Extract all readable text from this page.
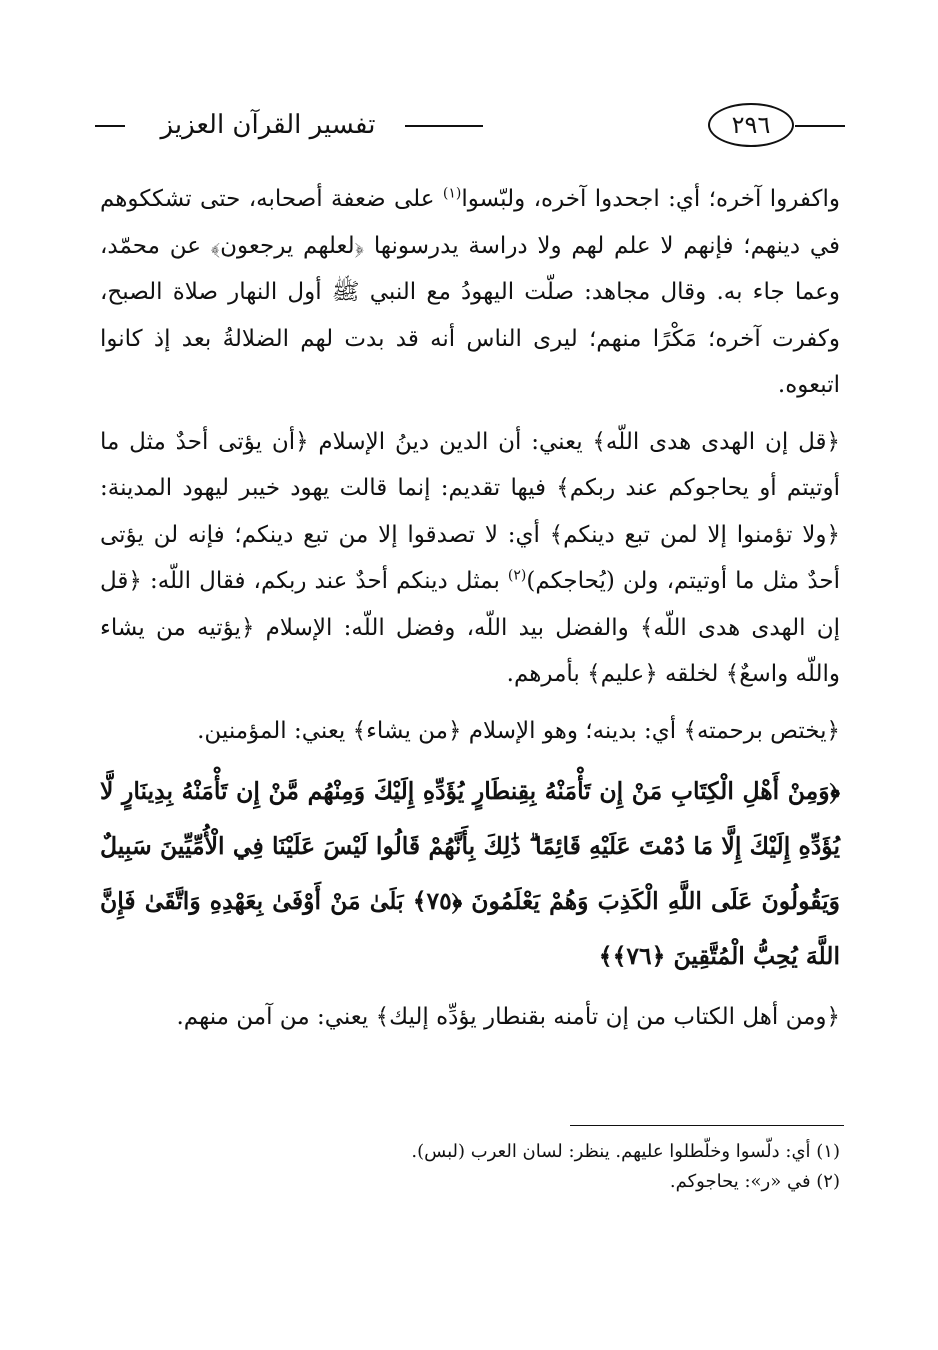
تفسير القرآن العزيز	٢٩٦

واكفروا آخره؛ أي: اجحدوا آخره، ولبّسوا$^{(١)}$ على ضعفة أصحابه، حتى تشككوهم في دينهم؛ فإنهم لا علم لهم ولا دراسة يدرسونها ﴿لعلهم يرجعون﴾ عن محمّد، وعما جاء به. وقال مجاهد: صلّت اليهودُ مع النبي ﷺ أول النهار صلاة الصبح، وكفرت آخره؛ مَكْرًا منهم؛ ليرى الناس أنه قد بدت لهم الضلالةُ بعد إذ كانوا اتبعوه.

﴿قل إن الهدى هدى اللّه﴾ يعني: أن الدين دينُ الإسلام ﴿أن يؤتى أحدٌ مثل ما أوتيتم أو يحاجوكم عند ربكم﴾ فيها تقديم: إنما قالت يهود خيبر ليهود المدينة: ﴿ولا تؤمنوا إلا لمن تبع دينكم﴾ أي: لا تصدقوا إلا من تبع دينكم؛ فإنه لن يؤتى أحدٌ مثل ما أوتيتم، ولن (يُحاجكم)$^{(٢)}$ بمثل دينكم أحدٌ عند ربكم، فقال اللّه: ﴿قل إن الهدى هدى اللّه﴾ والفضل بيد اللّه، وفضل اللّه: الإسلام ﴿يؤتيه من يشاء واللّه واسعٌ﴾ لخلقه ﴿عليم﴾ بأمرهم.

﴿يختص برحمته﴾ أي: بدينه؛ وهو الإسلام ﴿من يشاء﴾ يعني: المؤمنين.

﴿وَمِنْ أَهْلِ الْكِتَابِ مَنْ إِن تَأْمَنْهُ بِقِنطَارٍ يُؤَدِّهِ إِلَيْكَ وَمِنْهُم مَّنْ إِن تَأْمَنْهُ بِدِينَارٍ لَّا يُؤَدِّهِ إِلَيْكَ إِلَّا مَا دُمْتَ عَلَيْهِ قَائِمًا ۗ ذَٰلِكَ بِأَنَّهُمْ قَالُوا لَيْسَ عَلَيْنَا فِي الْأُمِّيِّينَ سَبِيلٌ وَيَقُولُونَ عَلَى اللَّهِ الْكَذِبَ وَهُمْ يَعْلَمُونَ ﴿٧٥﴾ بَلَىٰ مَنْ أَوْفَىٰ بِعَهْدِهِ وَاتَّقَىٰ فَإِنَّ اللَّهَ يُحِبُّ الْمُتَّقِينَ ﴿٧٦﴾﴾

﴿ومن أهل الكتاب من إن تأمنه بقنطار يؤدِّه إليك﴾ يعني: من آمن منهم.

(١) أي: دلّسوا وخلّطلوا عليهم. ينظر: لسان العرب (لبس).
(٢) في «ر»: يحاجوكم.
